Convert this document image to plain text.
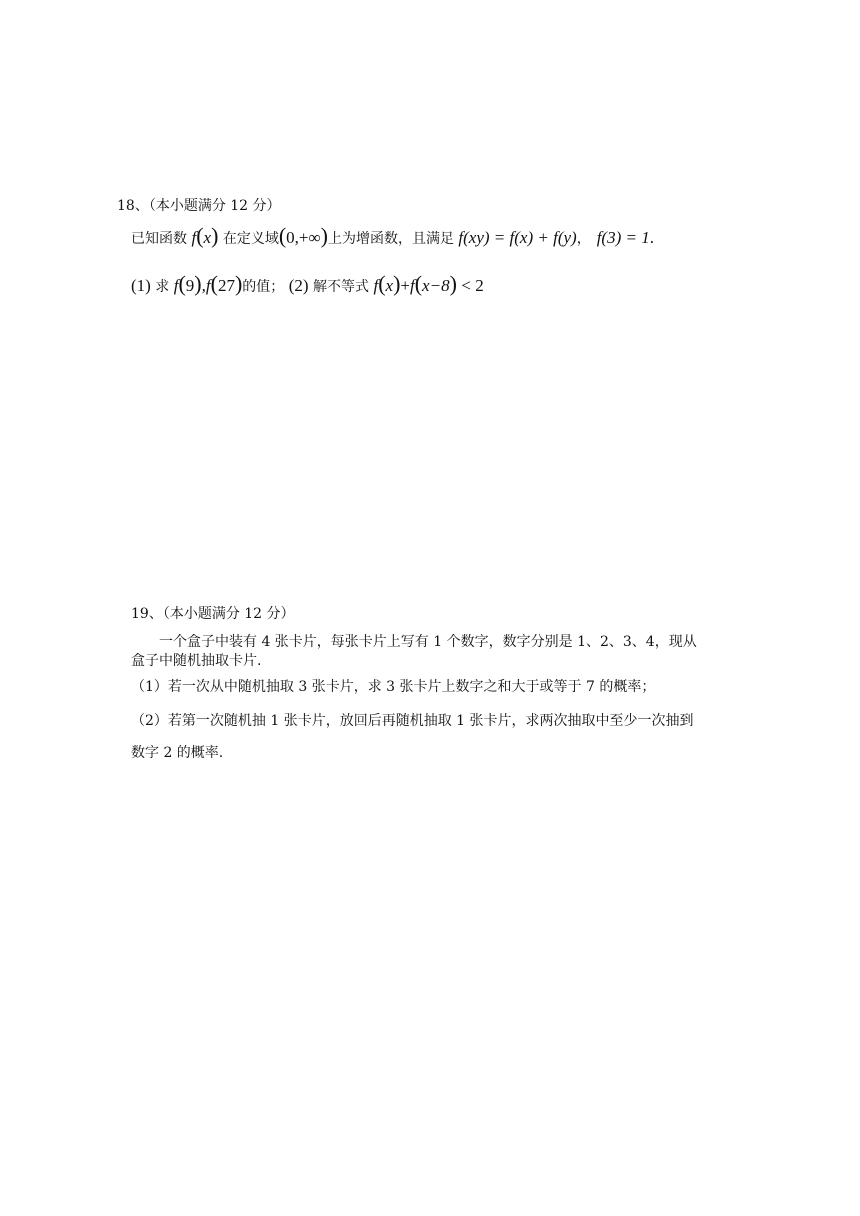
18、（本小题满分 12 分）
已知函数 f(x) 在定义域(0,+∞)上为增函数，且满足 f(xy) = f(x) + f(y)， f(3) = 1.
(1) 求 f(9),f(27)的值； (2) 解不等式 f(x)+f(x−8) < 2
19、（本小题满分 12 分）
一个盒子中装有 4 张卡片，每张卡片上写有 1 个数字，数字分别是 1、2、3、4，现从
盒子中随机抽取卡片.
（1）若一次从中随机抽取 3 张卡片，求 3 张卡片上数字之和大于或等于 7 的概率；
（2）若第一次随机抽 1 张卡片，放回后再随机抽取 1 张卡片，求两次抽取中至少一次抽到
数字 2 的概率.
